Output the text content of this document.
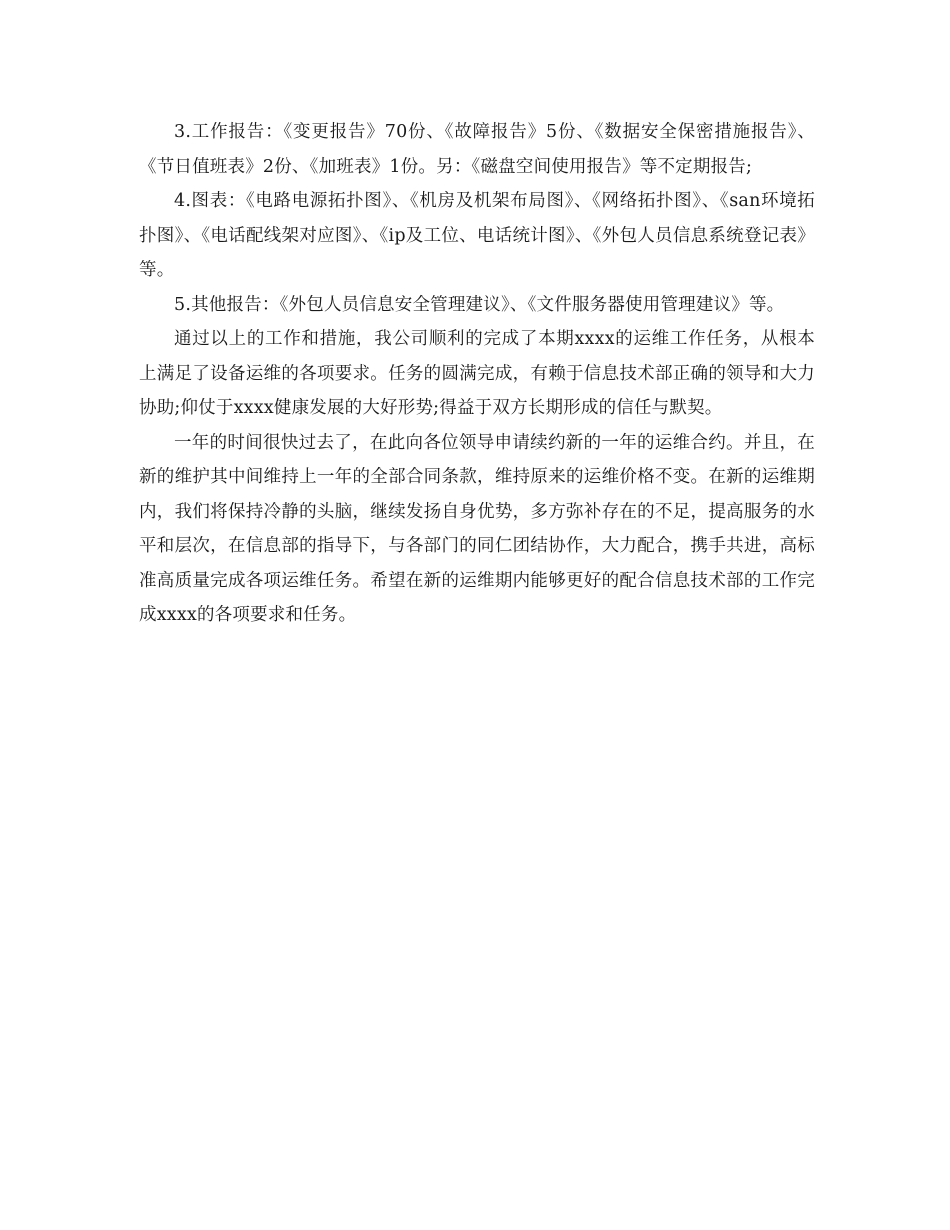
3.工作报告：《变更报告》70份、《故障报告》5份、《数据安全保密措施报告》、《节日值班表》2份、《加班表》1份。另：《磁盘空间使用报告》等不定期报告;

4.图表：《电路电源拓扑图》、《机房及机架布局图》、《网络拓扑图》、《san环境拓扑图》、《电话配线架对应图》、《ip及工位、电话统计图》、《外包人员信息系统登记表》等。

5.其他报告：《外包人员信息安全管理建议》、《文件服务器使用管理建议》等。

通过以上的工作和措施，我公司顺利的完成了本期xxxx的运维工作任务，从根本上满足了设备运维的各项要求。任务的圆满完成，有赖于信息技术部正确的领导和大力协助;仰仗于xxxx健康发展的大好形势;得益于双方长期形成的信任与默契。

一年的时间很快过去了，在此向各位领导申请续约新的一年的运维合约。并且，在新的维护其中间维持上一年的全部合同条款，维持原来的运维价格不变。在新的运维期内，我们将保持冷静的头脑，继续发扬自身优势，多方弥补存在的不足，提高服务的水平和层次，在信息部的指导下，与各部门的同仁团结协作，大力配合，携手共进，高标准高质量完成各项运维任务。希望在新的运维期内能够更好的配合信息技术部的工作完成xxxx的各项要求和任务。
